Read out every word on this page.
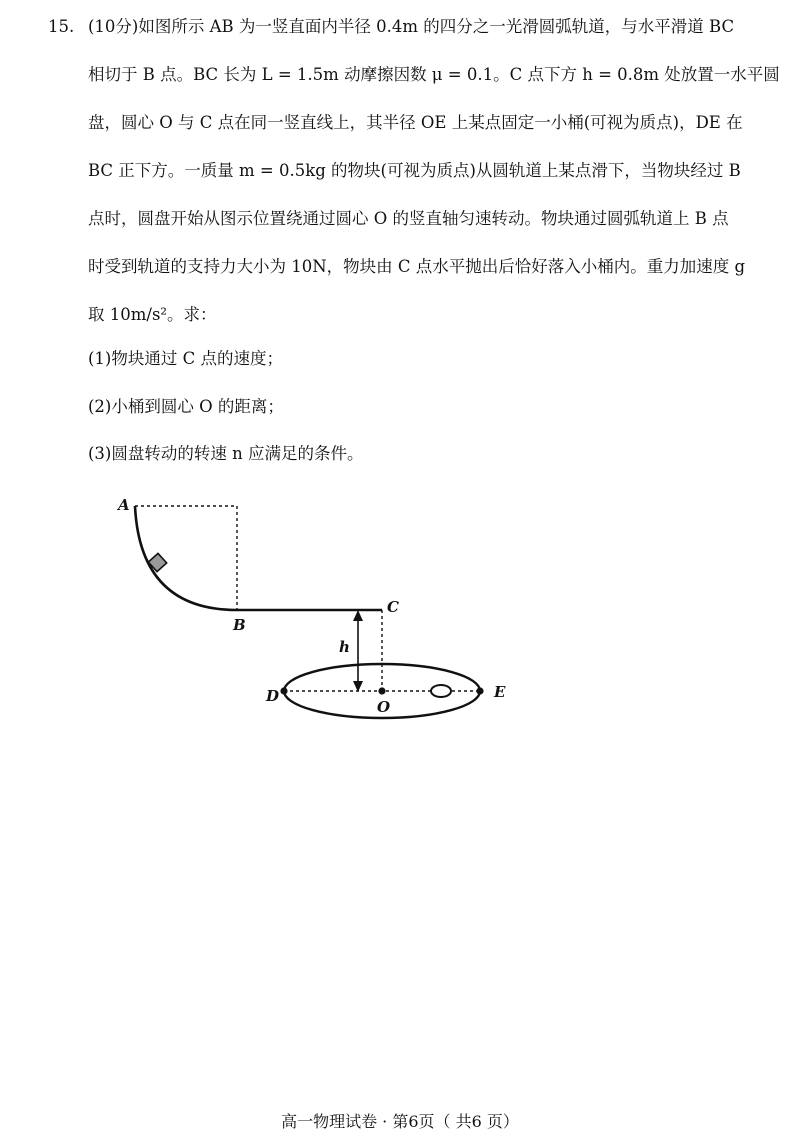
15. (10分)如图所示 AB 为一竖直面内半径 0.4m 的四分之一光滑圆弧轨道，与水平滑道 BC
相切于 B 点。BC 长为 L = 1.5m 动摩擦因数 μ = 0.1。C 点下方 h = 0.8m 处放置一水平圆
盘，圆心 O 与 C 点在同一竖直线上，其半径 OE 上某点固定一小桶(可视为质点)，DE 在
BC 正下方。一质量 m = 0.5kg 的物块(可视为质点)从圆轨道上某点滑下，当物块经过 B
点时，圆盘开始从图示位置绕通过圆心 O 的竖直轴匀速转动。物块通过圆弧轨道上 B 点
时受到轨道的支持力大小为 10N，物块由 C 点水平抛出后恰好落入小桶内。重力加速度 g
取 10m/s²。求：
(1)物块通过 C 点的速度；
(2)小桶到圆心 O 的距离；
(3)圆盘转动的转速 n 应满足的条件。
A
B
C
h
D
O
E
高一物理试卷 · 第6页（ 共6 页）
